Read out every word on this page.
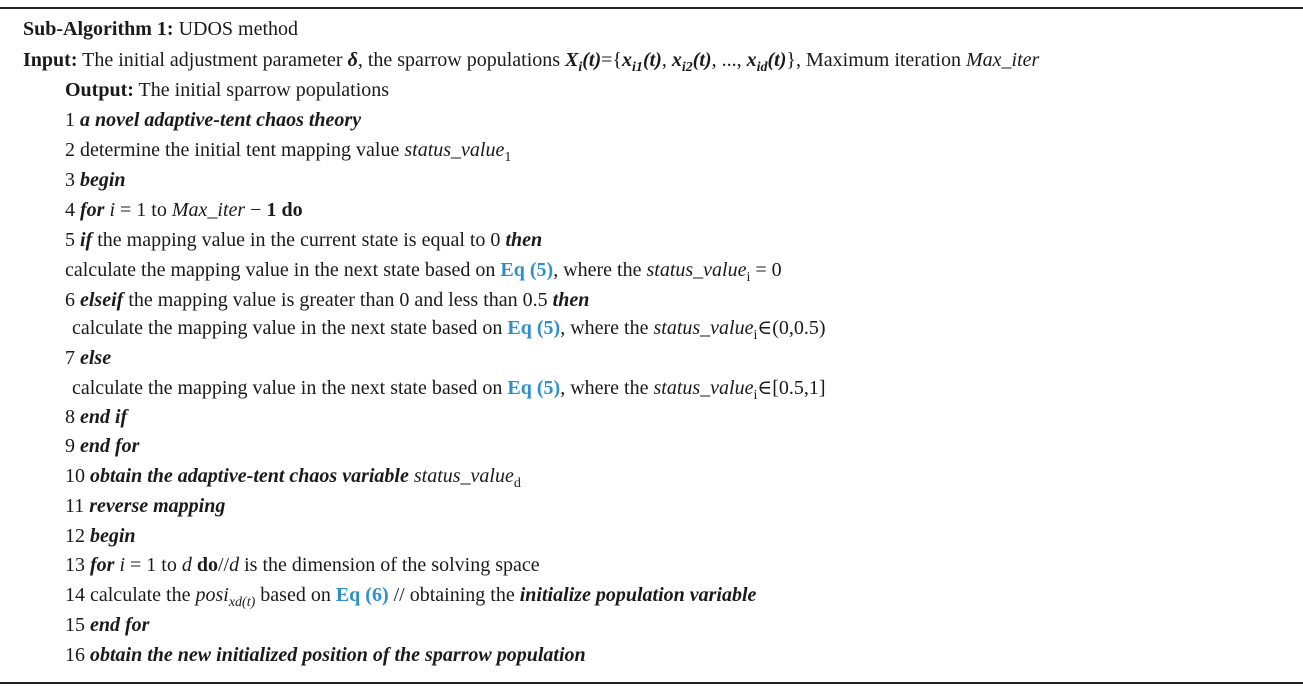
Sub-Algorithm 1: UDOS method
Input: The initial adjustment parameter δ, the sparrow populations $X_i(t)=\{x_{i1}(t)$, $x_{i2}(t)$, ..., $x_{id}(t)$}, Maximum iteration Max_iter
Output: The initial sparrow populations
1 a novel adaptive-tent chaos theory
2 determine the initial tent mapping value status_value$_1$
3 begin
4 for i = 1 to Max_iter − 1 do
5 if the mapping value in the current state is equal to 0 then
calculate the mapping value in the next state based on Eq (5), where the status_value$_i$ = 0
6 elseif the mapping value is greater than 0 and less than 0.5 then
calculate the mapping value in the next state based on Eq (5), where the status_value$_i$∈(0,0.5)
7 else
calculate the mapping value in the next state based on Eq (5), where the status_value$_i$∈[0.5,1]
8 end if
9 end for
10 obtain the adaptive-tent chaos variable status_value$_d$
11 reverse mapping
12 begin
13 for i = 1 to d do//d is the dimension of the solving space
14 calculate the posi$_{xd(t)}$ based on Eq (6) // obtaining the initialize population variable
15 end for
16 obtain the new initialized position of the sparrow population
